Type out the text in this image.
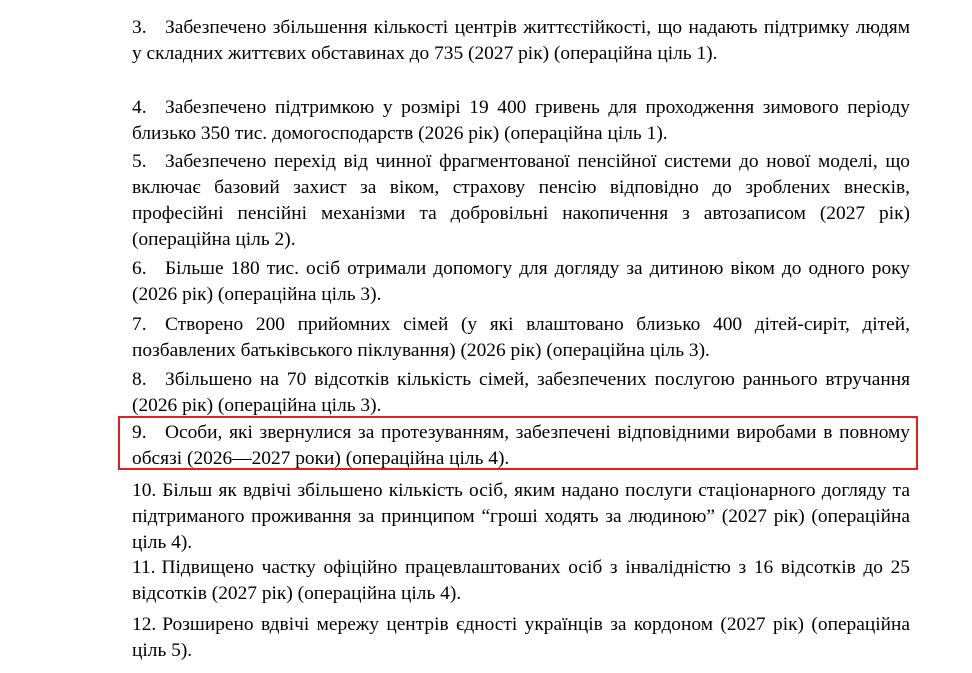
3. Забезпечено збільшення кількості центрів життєстійкості, що надають підтримку людям у складних життєвих обставинах до 735 (2027 рік) (операційна ціль 1).

4. Забезпечено підтримкою у розмірі 19 400 гривень для проходження зимового періоду близько 350 тис. домогосподарств (2026 рік) (операційна ціль 1).

5. Забезпечено перехід від чинної фрагментованої пенсійної системи до нової моделі, що включає базовий захист за віком, страхову пенсію відповідно до зроблених внесків, професійні пенсійні механізми та добровільні накопичення з автозаписом (2027 рік) (операційна ціль 2).

6. Більше 180 тис. осіб отримали допомогу для догляду за дитиною віком до одного року (2026 рік) (операційна ціль 3).

7. Створено 200 прийомних сімей (у які влаштовано близько 400 дітей-сиріт, дітей, позбавлених батьківського піклування) (2026 рік) (операційна ціль 3).

8. Збільшено на 70 відсотків кількість сімей, забезпечених послугою раннього втручання (2026 рік) (операційна ціль 3).

9. Особи, які звернулися за протезуванням, забезпечені відповідними виробами в повному обсязі (2026—2027 роки) (операційна ціль 4).

10. Більш як вдвічі збільшено кількість осіб, яким надано послуги стаціонарного догляду та підтриманого проживання за принципом “гроші ходять за людиною” (2027 рік) (операційна ціль 4).

11. Підвищено частку офіційно працевлаштованих осіб з інвалідністю з 16 відсотків до 25 відсотків (2027 рік) (операційна ціль 4).

12. Розширено вдвічі мережу центрів єдності українців за кордоном (2027 рік) (операційна ціль 5).
